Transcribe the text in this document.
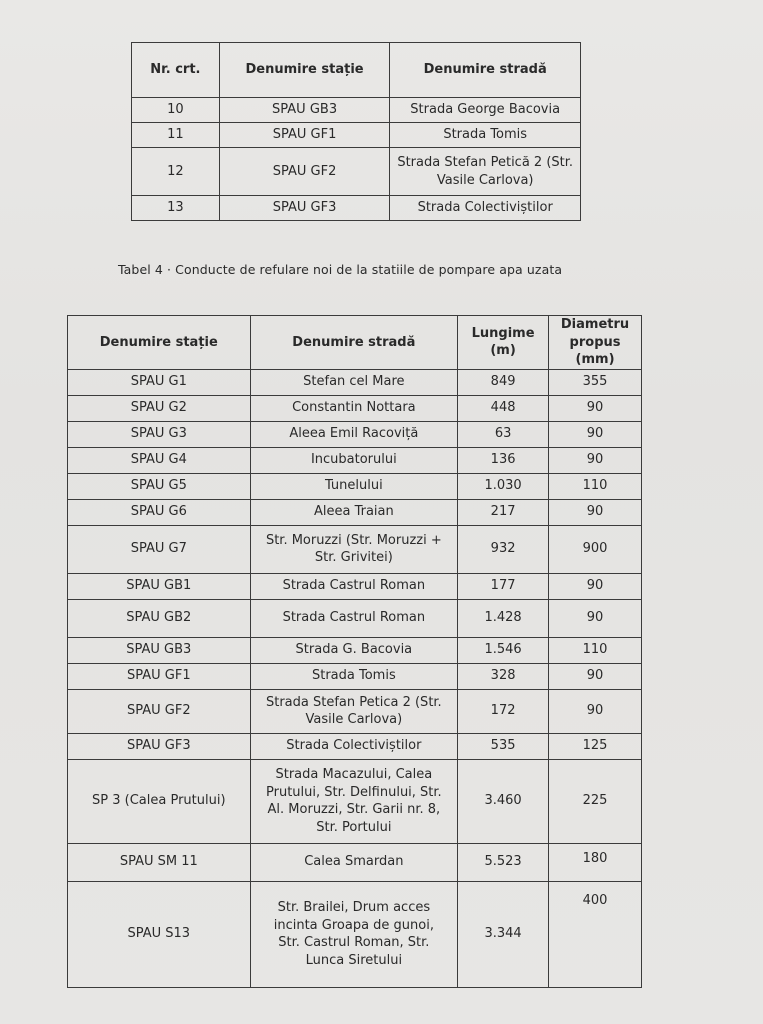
Nr. crt.	Denumire stație	Denumire stradă
10	SPAU GB3	Strada George Bacovia
11	SPAU GF1	Strada Tomis
12	SPAU GF2	Strada Stefan Petică 2 (Str. Vasile Carlova)
13	SPAU GF3	Strada Colectiviștilor
Tabel 4 · Conducte de refulare noi de la statiile de pompare apa uzata
Denumire stație	Denumire stradă	Lungime (m)	Diametru propus (mm)
SPAU G1	Stefan cel Mare	849	355
SPAU G2	Constantin Nottara	448	90
SPAU G3	Aleea Emil Racoviță	63	90
SPAU G4	Incubatorului	136	90
SPAU G5	Tunelului	1.030	110
SPAU G6	Aleea Traian	217	90
SPAU G7	Str. Moruzzi (Str. Moruzzi + Str. Grivitei)	932	900
SPAU GB1	Strada Castrul Roman	177	90
SPAU GB2	Strada Castrul Roman	1.428	90
SPAU GB3	Strada G. Bacovia	1.546	110
SPAU GF1	Strada Tomis	328	90
SPAU GF2	Strada Stefan Petica 2 (Str. Vasile Carlova)	172	90
SPAU GF3	Strada Colectiviștilor	535	125
SP 3 (Calea Prutului)	Strada Macazului, Calea Prutului, Str. Delfinului, Str. Al. Moruzzi, Str. Garii nr. 8, Str. Portului	3.460	225
SPAU SM 11	Calea Smardan	5.523	180
SPAU S13	Str. Brailei, Drum acces incinta Groapa de gunoi, Str. Castrul Roman, Str. Lunca Siretului	3.344	400
